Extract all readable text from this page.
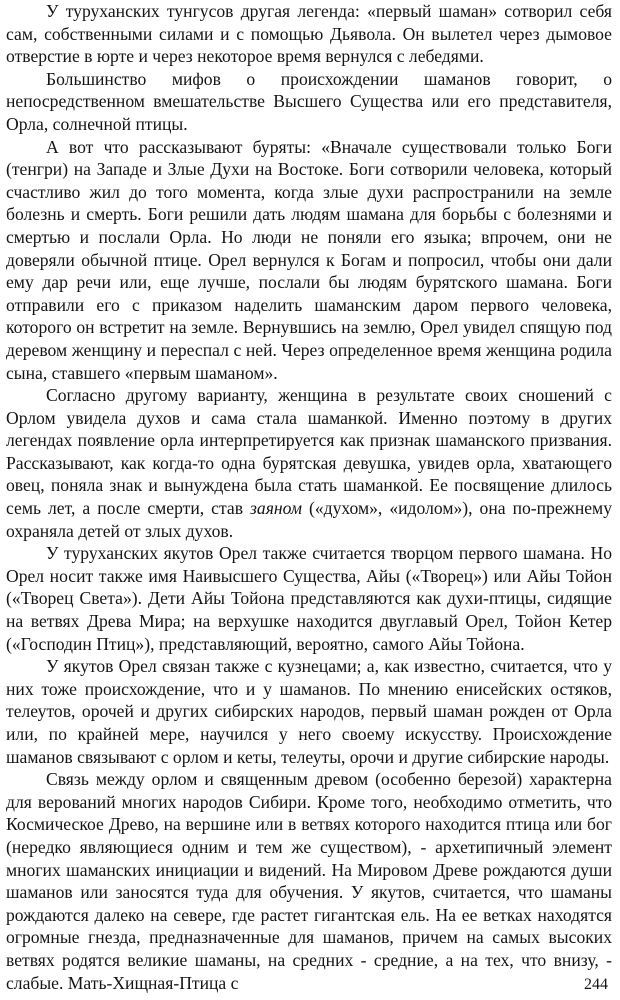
У туруханских тунгусов другая легенда: «первый шаман» сотворил себя сам, собственными силами и с помощью Дьявола. Он вылетел через дымовое отверстие в юрте и через некоторое время вернулся с лебедями.

Большинство мифов о происхождении шаманов говорит, о непосредственном вмешательстве Высшего Существа или его представителя, Орла, солнечной птицы.

А вот что рассказывают буряты: «Вначале существовали только Боги (тенгри) на Западе и Злые Духи на Востоке. Боги сотворили человека, который счастливо жил до того момента, когда злые духи распространили на земле болезнь и смерть. Боги решили дать людям шамана для борьбы с болезнями и смертью и послали Орла. Но люди не поняли его языка; впрочем, они не доверяли обычной птице. Орел вернулся к Богам и попросил, чтобы они дали ему дар речи или, еще лучше, послали бы людям бурятского шамана. Боги отправили его с приказом наделить шаманским даром первого человека, которого он встретит на земле. Вернувшись на землю, Орел увидел спящую под деревом женщину и переспал с ней. Через определенное время женщина родила сына, ставшего «первым шаманом».

Согласно другому варианту, женщина в результате своих сношений с Орлом увидела духов и сама стала шаманкой. Именно поэтому в других легендах появление орла интерпретируется как признак шаманского призвания. Рассказывают, как когда-то одна бурятская девушка, увидев орла, хватающего овец, поняла знак и вынуждена была стать шаманкой. Ее посвящение длилось семь лет, а после смерти, став заяном («духом», «идолом»), она по-прежнему охраняла детей от злых духов.

У туруханских якутов Орел также считается творцом первого шамана. Но Орел носит также имя Наивысшего Существа, Айы («Творец») или Айы Тойон («Творец Света»). Дети Айы Тойона представляются как духи-птицы, сидящие на ветвях Древа Мира; на верхушке находится двуглавый Орел, Тойон Кетер («Господин Птиц»), представляющий, вероятно, самого Айы Тойона.

У якутов Орел связан также с кузнецами; а, как известно, считается, что у них тоже происхождение, что и у шаманов. По мнению енисейских остяков, телеутов, орочей и других сибирских народов, первый шаман рожден от Орла или, по крайней мере, научился у него своему искусству. Происхождение шаманов связывают с орлом и кеты, телеуты, орочи и другие сибирские народы.

Связь между орлом и священным древом (особенно березой) характерна для верований многих народов Сибири. Кроме того, необходимо отметить, что Космическое Древо, на вершине или в ветвях которого находится птица или бог (нередко являющиеся одним и тем же существом), - архетипичный элемент многих шаманских инициации и видений. На Мировом Древе рождаются души шаманов или заносятся туда для обучения. У якутов, считается, что шаманы рождаются далеко на севере, где растет гигантская ель. На ее ветках находятся огромные гнезда, предназначенные для шаманов, причем на самых высоких ветвях родятся великие шаманы, на средних - средние, а на тех, что внизу, - слабые. Мать-Хищная-Птица с	244
